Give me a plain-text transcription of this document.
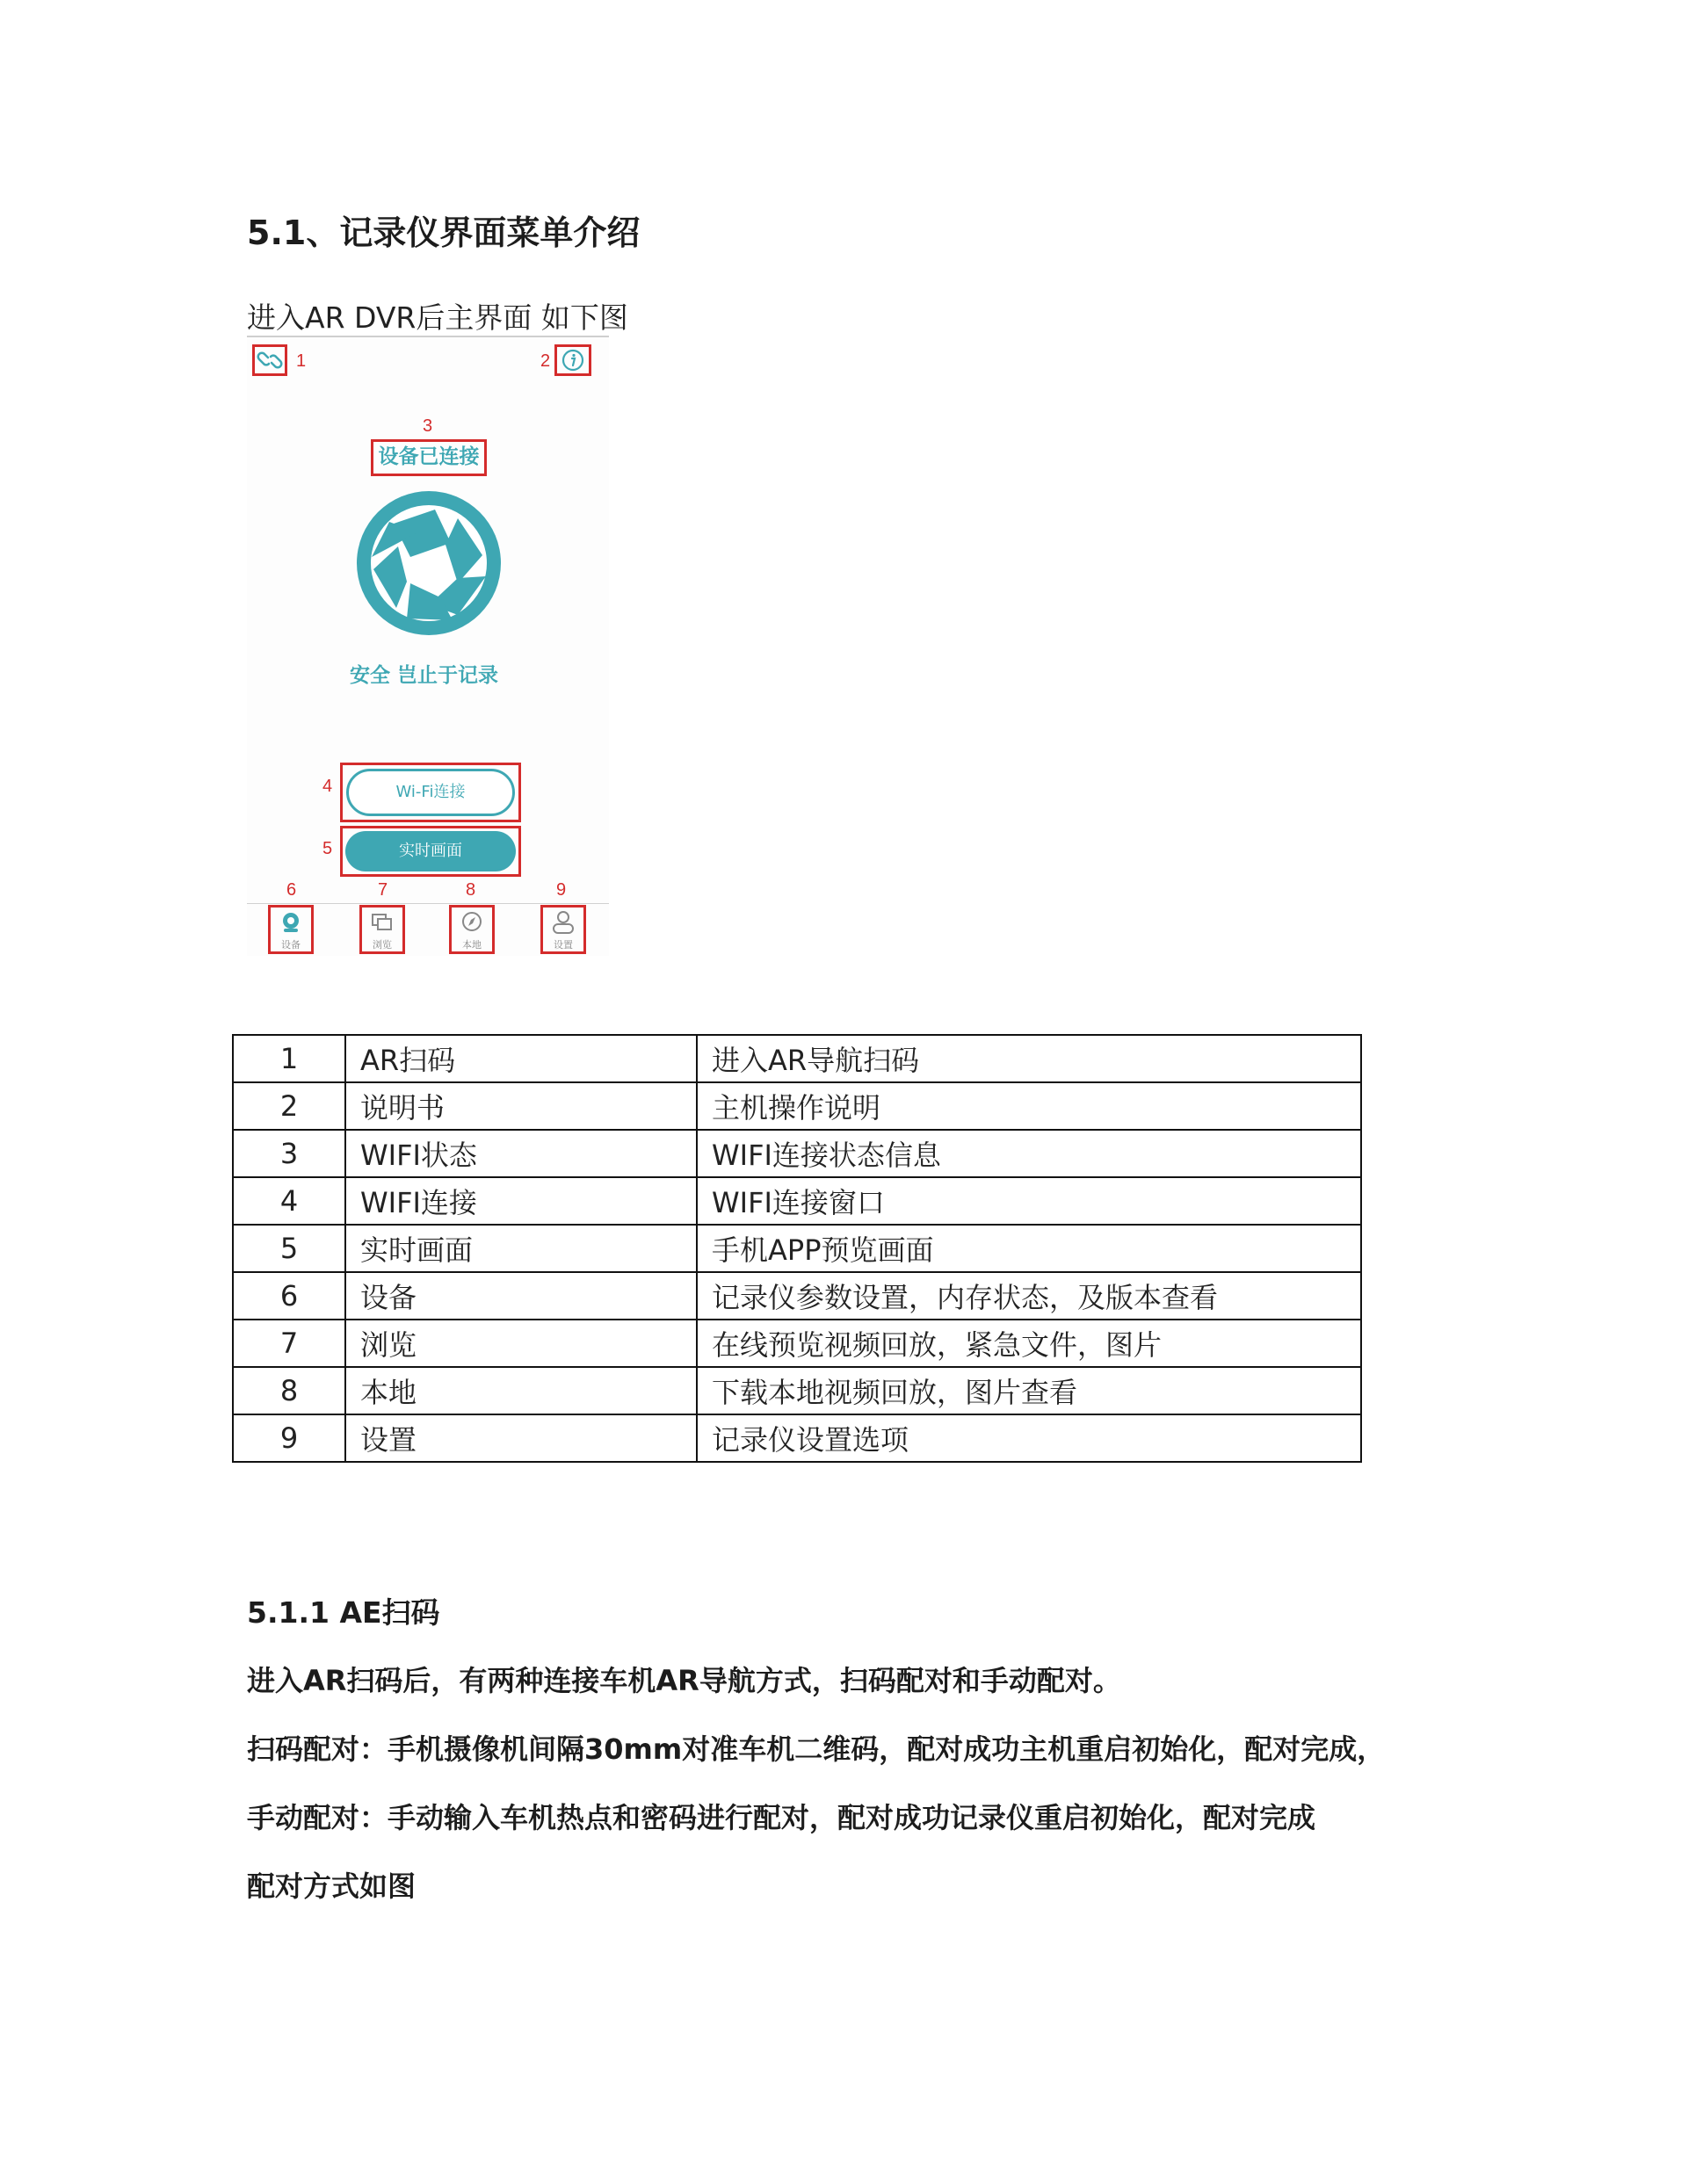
5.1、记录仪界面菜单介绍
进入AR DVR后主界面 如下图
1	2
3
设备已连接
安全 岂止于记录
4	Wi-Fi连接
5	实时画面
6	7	8	9
设备	浏览	本地	设置
1	AR扫码	进入AR导航扫码
2	说明书	主机操作说明
3	WIFI状态	WIFI连接状态信息
4	WIFI连接	WIFI连接窗口
5	实时画面	手机APP预览画面
6	设备	记录仪参数设置，内存状态，及版本查看
7	浏览	在线预览视频回放，紧急文件，图片
8	本地	下载本地视频回放，图片查看
9	设置	记录仪设置选项
5.1.1 AE扫码
进入AR扫码后，有两种连接车机AR导航方式，扫码配对和手动配对。
扫码配对：手机摄像机间隔30mm对准车机二维码，配对成功主机重启初始化，配对完成，
手动配对：手动输入车机热点和密码进行配对，配对成功记录仪重启初始化，配对完成
配对方式如图
